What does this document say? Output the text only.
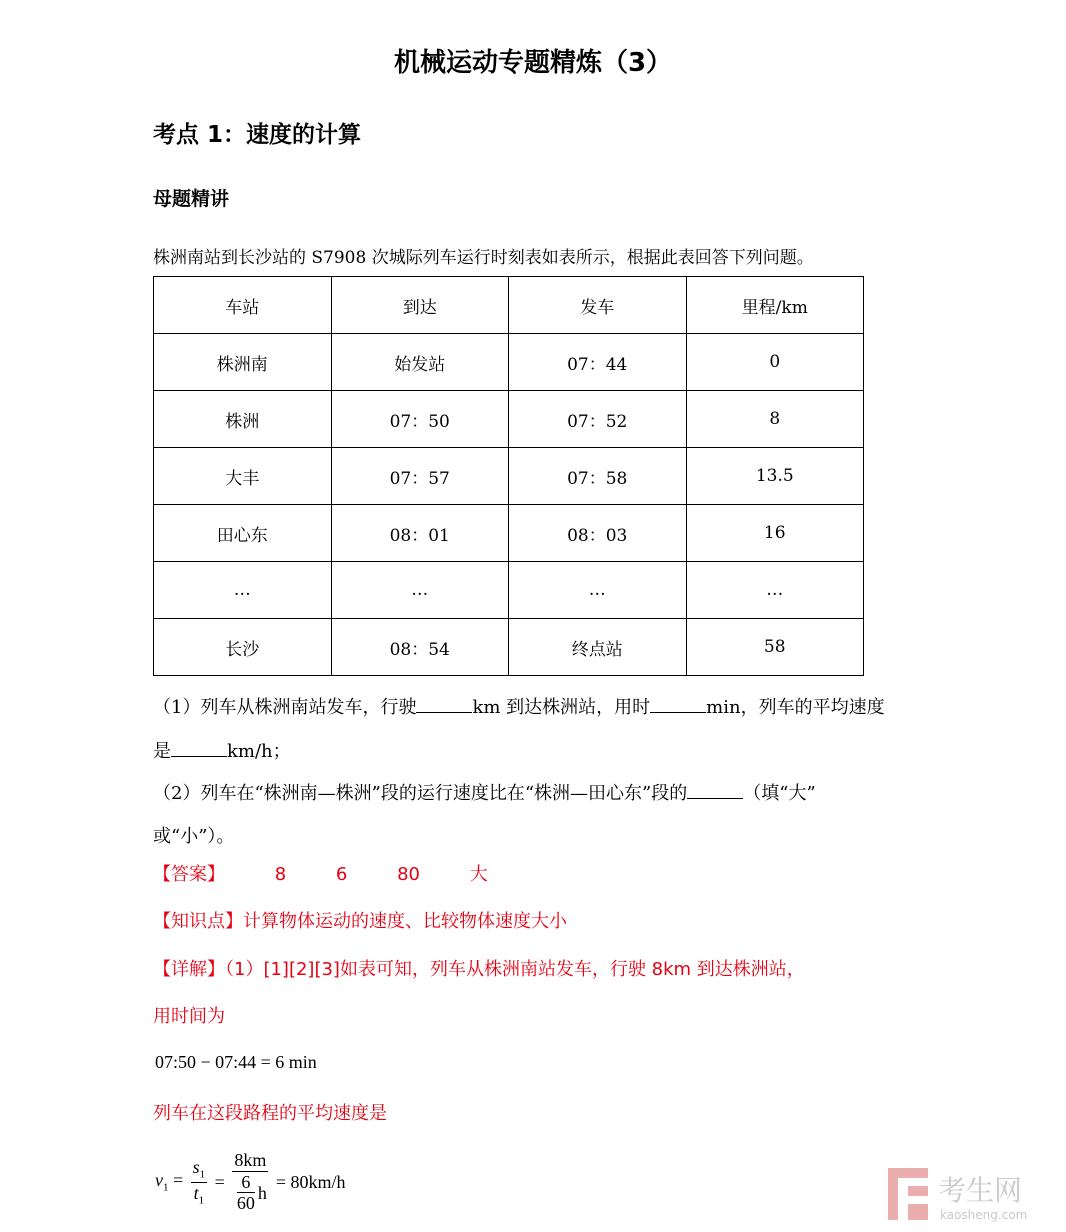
机械运动专题精炼（3）
考点 1：速度的计算
母题精讲
株洲南站到长沙站的 S7908 次城际列车运行时刻表如表所示，根据此表回答下列问题。
车站	到达	发车	里程/km
株洲南	始发站	07：44	0
株洲	07：50	07：52	8
大丰	07：57	07：58	13.5
田心东	08：01	08：03	16
…	…	…	…
长沙	08：54	终点站	58
（1）列车从株洲南站发车，行驶	km 到达株洲站，用时	min，列车的平均速度
是	km/h；
（2）列车在“株洲南—株洲”段的运行速度比在“株洲—田心东”段的	（填“大”
或“小”）。
【答案】	8	6	80	大
【知识点】计算物体运动的速度、比较物体速度大小
【详解】（1）[1][2][3]如表可知，列车从株洲南站发车，行驶 8km 到达株洲站，
用时间为
07:50 − 07:44 = 6 min
列车在这段路程的平均速度是
$v_1 = \frac{s_1}{t_1} = \frac{8km}{\frac{6}{60} h} = 80km/h$	考生网
kaosheng.com
